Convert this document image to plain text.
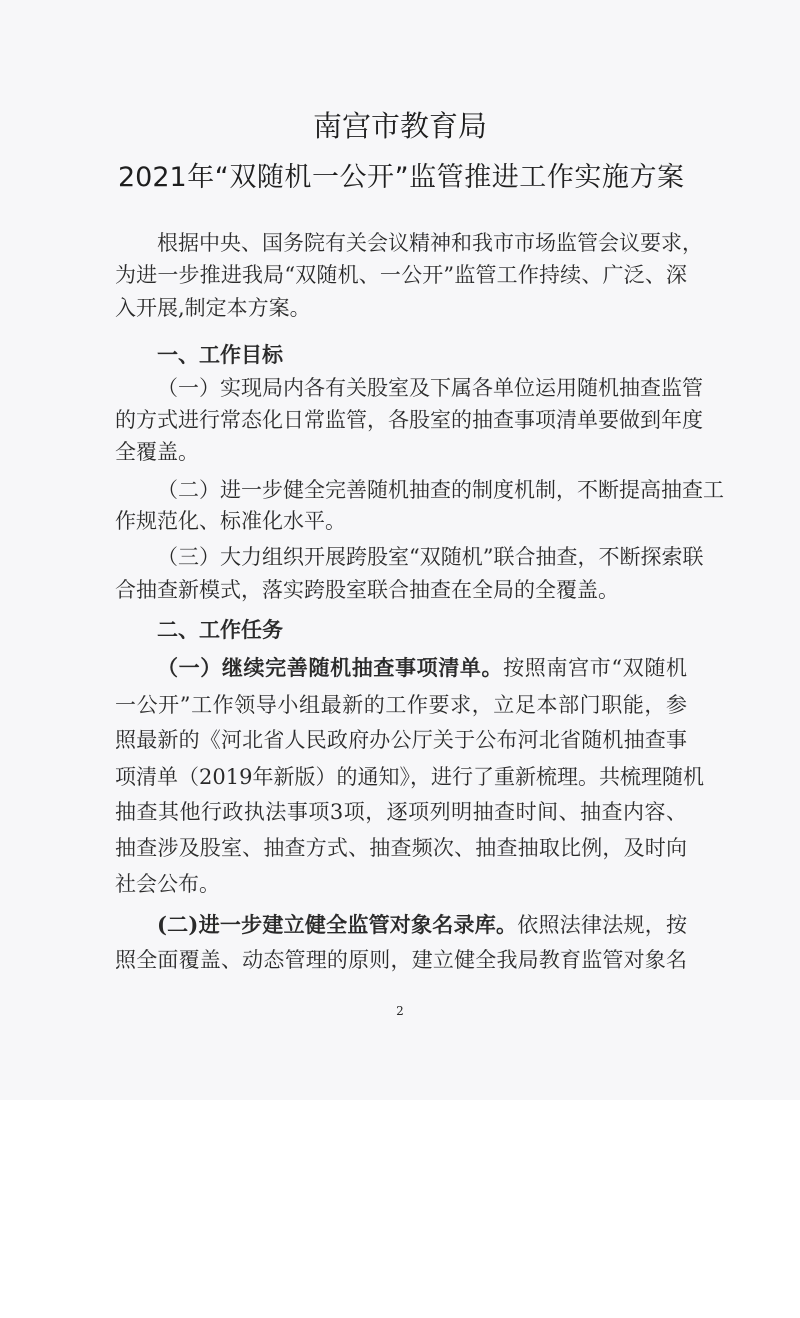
南宫市教育局
2021年“双随机一公开”监管推进工作实施方案
根据中央、国务院有关会议精神和我市市场监管会议要求，
为进一步推进我局“双随机、一公开”监管工作持续、广泛、深
入开展,制定本方案。
一、工作目标
（一）实现局内各有关股室及下属各单位运用随机抽查监管
的方式进行常态化日常监管，各股室的抽查事项清单要做到年度
全覆盖。
（二）进一步健全完善随机抽查的制度机制，不断提高抽查工
作规范化、标准化水平。
（三）大力组织开展跨股室“双随机”联合抽查，不断探索联
合抽查新模式，落实跨股室联合抽查在全局的全覆盖。
二、工作任务
（一）继续完善随机抽查事项清单。按照南宫市“双随机
一公开”工作领导小组最新的工作要求，立足本部门职能，参
照最新的《河北省人民政府办公厅关于公布河北省随机抽查事
项清单（2019年新版）的通知》，进行了重新梳理。共梳理随机
抽查其他行政执法事项3项，逐项列明抽查时间、抽查内容、
抽查涉及股室、抽查方式、抽查频次、抽查抽取比例，及时向
社会公布。
(二)进一步建立健全监管对象名录库。依照法律法规，按
照全面覆盖、动态管理的原则，建立健全我局教育监管对象名
2
